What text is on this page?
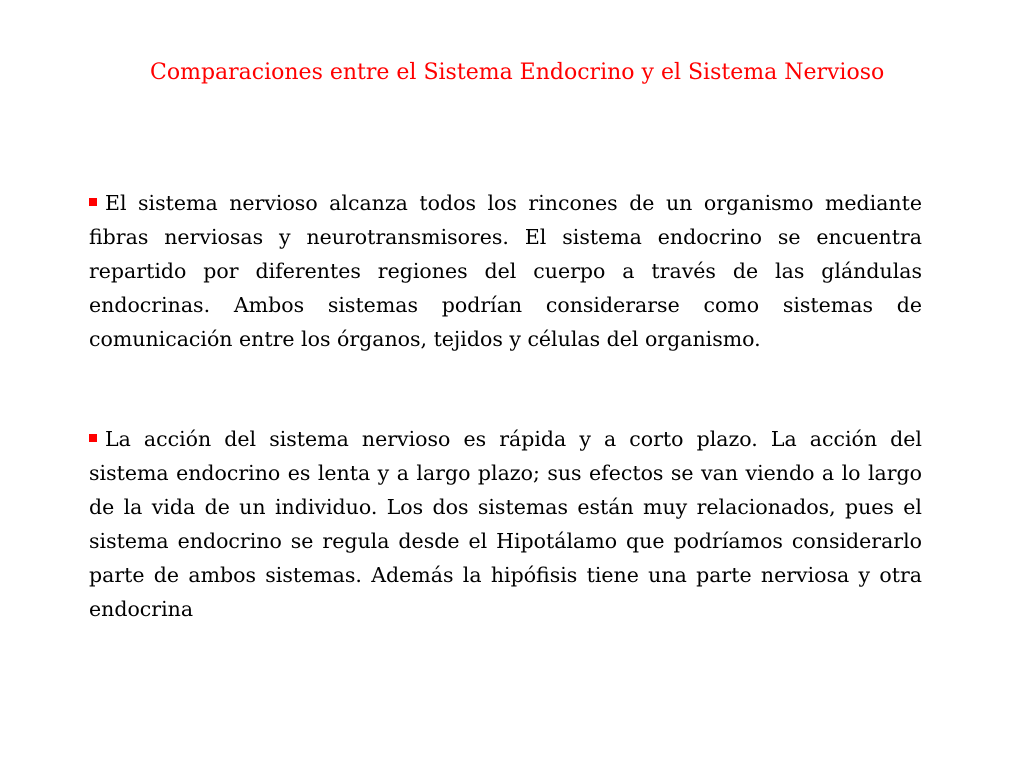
Comparaciones entre el Sistema Endocrino y el Sistema Nervioso

El sistema nervioso alcanza todos los rincones de un organismo mediante fibras nerviosas y neurotransmisores. El sistema endocrino se encuentra repartido por diferentes regiones del cuerpo a través de las glándulas endocrinas. Ambos sistemas podrían considerarse como sistemas de comunicación entre los órganos, tejidos y células del organismo.

La acción del sistema nervioso es rápida y a corto plazo. La acción del sistema endocrino es lenta y a largo plazo; sus efectos se van viendo a lo largo de la vida de un individuo. Los dos sistemas están muy relacionados, pues el sistema endocrino se regula desde el Hipotálamo que podríamos considerarlo parte de ambos sistemas. Además la hipófisis tiene una parte nerviosa y otra endocrina
